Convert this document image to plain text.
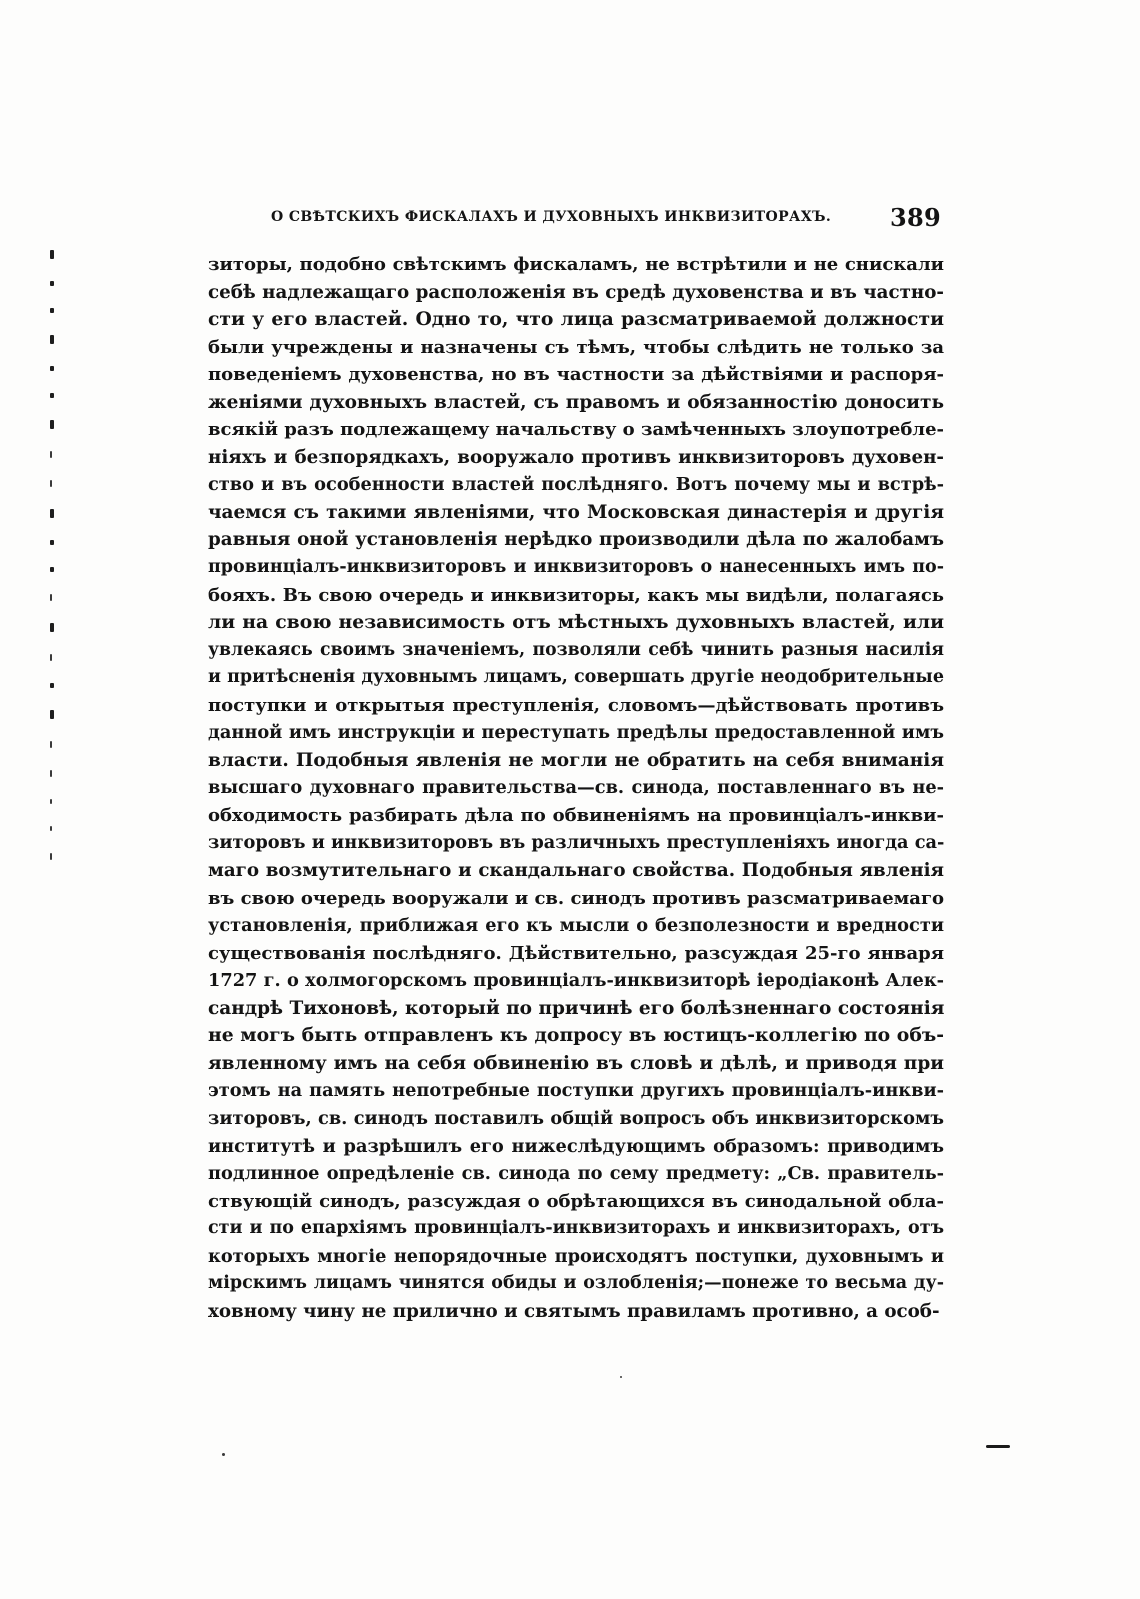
О СВѢТСКИХЪ ФИСКАЛАХЪ И ДУХОВНЫХЪ ИНКВИЗИТОРАХЪ. 389
зиторы, подобно свѣтскимъ фискаламъ, не встрѣтили и не снискали
себѣ надлежащаго расположенія въ средѣ духовенства и въ частно-
сти у его властей. Одно то, что лица разсматриваемой должности
были учреждены и назначены съ тѣмъ, чтобы слѣдить не только за
поведеніемъ духовенства, но въ частности за дѣйствіями и распоря-
женіями духовныхъ властей, съ правомъ и обязанностію доносить
всякій разъ подлежащему начальству о замѣченныхъ злоупотребле-
ніяхъ и безпорядкахъ, вооружало противъ инквизиторовъ духовен-
ство и въ особенности властей послѣдняго. Вотъ почему мы и встрѣ-
чаемся съ такими явленіями, что Московская династерія и другія
равныя оной установленія нерѣдко производили дѣла по жалобамъ
провинціалъ-инквизиторовъ и инквизиторовъ о нанесенныхъ имъ по-
бояхъ. Въ свою очередь и инквизиторы, какъ мы видѣли, полагаясь
ли на свою независимость отъ мѣстныхъ духовныхъ властей, или
увлекаясь своимъ значеніемъ, позволяли себѣ чинить разныя насилія
и притѣсненія духовнымъ лицамъ, совершать другіе неодобрительные
поступки и открытыя преступленія, словомъ—дѣйствовать противъ
данной имъ инструкціи и переступать предѣлы предоставленной имъ
власти. Подобныя явленія не могли не обратить на себя вниманія
высшаго духовнаго правительства—св. синода, поставленнаго въ не-
обходимость разбирать дѣла по обвиненіямъ на провинціалъ-инкви-
зиторовъ и инквизиторовъ въ различныхъ преступленіяхъ иногда са-
маго возмутительнаго и скандальнаго свойства. Подобныя явленія
въ свою очередь вооружали и св. синодъ противъ разсматриваемаго
установленія, приближая его къ мысли о безполезности и вредности
существованія послѣдняго. Дѣйствительно, разсуждая 25-го января
1727 г. о холмогорскомъ провинціалъ-инквизиторѣ іеродіаконѣ Алек-
сандрѣ Тихоновѣ, который по причинѣ его болѣзненнаго состоянія
не могъ быть отправленъ къ допросу въ юстицъ-коллегію по объ-
явленному имъ на себя обвиненію въ словѣ и дѣлѣ, и приводя при
этомъ на память непотребные поступки другихъ провинціалъ-инкви-
зиторовъ, св. синодъ поставилъ общій вопросъ объ инквизиторскомъ
институтѣ и разрѣшилъ его нижеслѣдующимъ образомъ: приводимъ
подлинное опредѣленіе св. синода по сему предмету: „Св. правитель-
ствующій синодъ, разсуждая о обрѣтающихся въ синодальной обла-
сти и по епархіямъ провинціалъ-инквизиторахъ и инквизиторахъ, отъ
которыхъ многіе непорядочные происходятъ поступки, духовнымъ и
мірскимъ лицамъ чинятся обиды и озлобленія;—понеже то весьма ду-
ховному чину не прилично и святымъ правиламъ противно, а особ-
